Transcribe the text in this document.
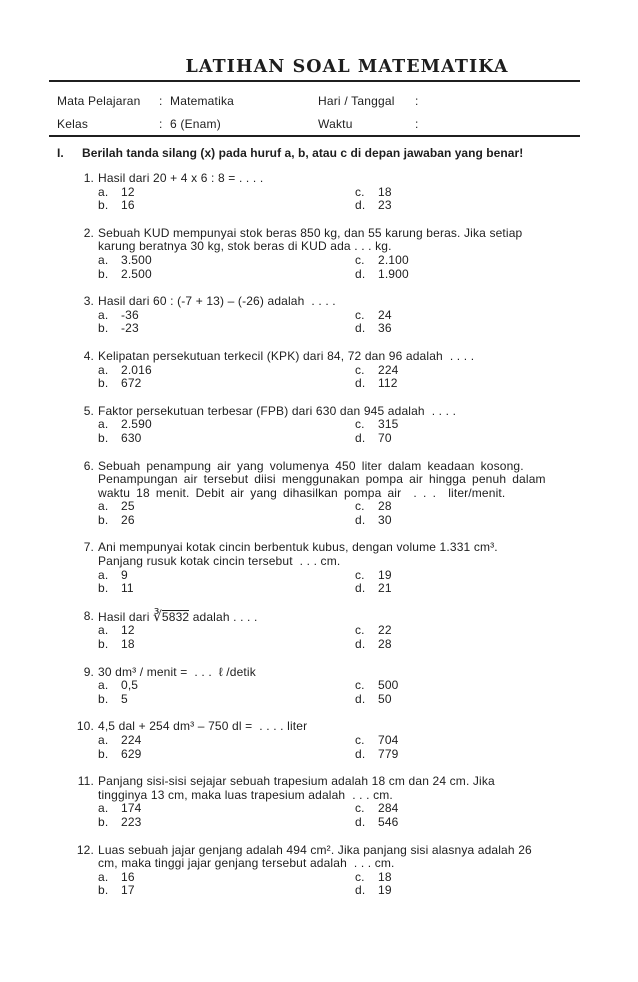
LATIHAN SOAL MATEMATIKA
Mata Pelajaran : Matematika	Hari / Tanggal :
Kelas	: 6 (Enam)	Waktu	:
I. Berilah tanda silang (x) pada huruf a, b, atau c di depan jawaban yang benar!
1. Hasil dari 20 + 4 x 6 : 8 = . . . .
a.	12	c.	18
b.	16	d.	23
2. Sebuah KUD mempunyai stok beras 850 kg, dan 55 karung beras. Jika setiap
karung beratnya 30 kg, stok beras di KUD ada . . . kg.
a.	3.500	c.	2.100
b.	2.500	d.	1.900
3. Hasil dari 60 : (-7 + 13) – (-26) adalah  . . . .
a.	-36	c.	24
b.	-23	d.	36
4. Kelipatan persekutuan terkecil (KPK) dari 84, 72 dan 96 adalah  . . . .
a.	2.016	c.	224
b.	672	d.	112
5. Faktor persekutuan terbesar (FPB) dari 630 dan 945 adalah  . . . .
a.	2.590	c.	315
b.	630	d.	70
6. Sebuah penampung air yang volumenya 450 liter dalam keadaan kosong.
Penampungan air tersebut diisi menggunakan pompa air hingga penuh dalam
waktu 18 menit. Debit air yang dihasilkan pompa air  . . .  liter/menit.
a.	25	c.	28
b.	26	d.	30
7. Ani mempunyai kotak cincin berbentuk kubus, dengan volume 1.331 cm³.
Panjang rusuk kotak cincin tersebut  . . . cm.
a.	9	c.	19
b.	11	d.	21
8. Hasil dari ∛5832 adalah . . . .
a.	12	c.	22
b.	18	d.	28
9. 30 dm³ / menit =  . . .  ℓ /detik
a.	0,5	c.	500
b.	5	d.	50
10. 4,5 dal + 254 dm³ – 750 dl =  . . . . liter
a.	224	c.	704
b.	629	d.	779
11. Panjang sisi-sisi sejajar sebuah trapesium adalah 18 cm dan 24 cm. Jika
tingginya 13 cm, maka luas trapesium adalah  . . . cm.
a.	174	c.	284
b.	223	d.	546
12. Luas sebuah jajar genjang adalah 494 cm². Jika panjang sisi alasnya adalah 26
cm, maka tinggi jajar genjang tersebut adalah  . . . cm.
a.	16	c.	18
b.	17	d.	19
